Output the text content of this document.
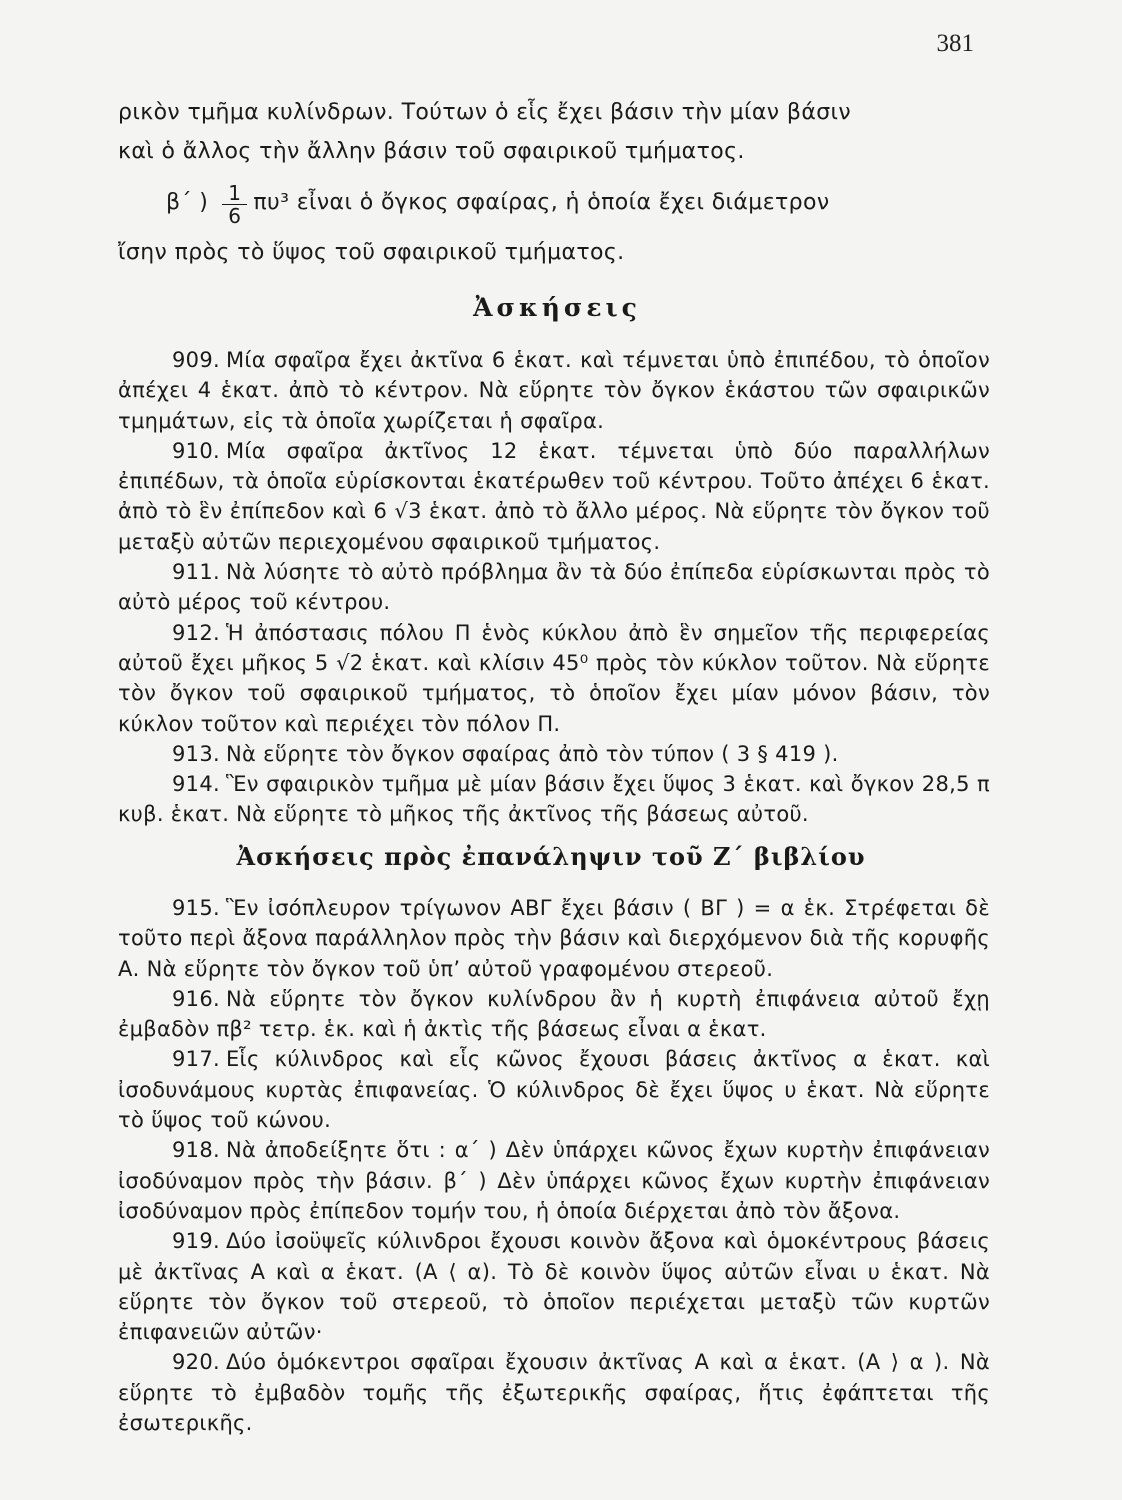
381
ρικὸν τμῆμα κυλίνδρων. Τούτων ὁ εἷς ἔχει βάσιν τὴν μίαν βάσιν
καὶ ὁ ἄλλος τὴν ἄλλην βάσιν τοῦ σφαιρικοῦ τμήματος.
β΄ ) $\frac{1}{6} \pi\upsilon^3$ εἶναι ὁ ὄγκος σφαίρας, ἡ ὁποία ἔχει διάμετρον
ἴσην πρὸς τὸ ὕψος τοῦ σφαιρικοῦ τμήματος.
Ἀσκήσεις

909. Μία σφαῖρα ἔχει ἀκτῖνα 6 ἑκατ. καὶ τέμνεται ὑπὸ ἐπιπέδου, τὸ ὁποῖον ἀπέχει 4 ἑκατ. ἀπὸ τὸ κέντρον. Νὰ εὕρητε τὸν ὄγκον ἑκάστου τῶν σφαιρικῶν τμημάτων, εἰς τὰ ὁποῖα χωρίζεται ἡ σφαῖρα.

910. Μία σφαῖρα ἀκτῖνος 12 ἑκατ. τέμνεται ὑπὸ δύο παραλλήλων ἐπιπέδων, τὰ ὁποῖα εὑρίσκονται ἑκατέρωθεν τοῦ κέντρου. Τοῦτο ἀπέχει 6 ἑκατ. ἀπὸ τὸ ἓν ἐπίπεδον καὶ 6 √3 ἑκατ. ἀπὸ τὸ ἄλλο μέρος. Νὰ εὕρητε τὸν ὄγκον τοῦ μεταξὺ αὐτῶν περιεχομένου σφαιρικοῦ τμήματος.

911. Νὰ λύσητε τὸ αὐτὸ πρόβλημα ἂν τὰ δύο ἐπίπεδα εὑρίσκωνται πρὸς τὸ αὐτὸ μέρος τοῦ κέντρου.

912. Ἡ ἀπόστασις πόλου Π ἑνὸς κύκλου ἀπὸ ἓν σημεῖον τῆς περιφερείας αὐτοῦ ἔχει μῆκος 5 √2 ἑκατ. καὶ κλίσιν 45⁰ πρὸς τὸν κύκλον τοῦτον. Νὰ εὕρητε τὸν ὄγκον τοῦ σφαιρικοῦ τμήματος, τὸ ὁποῖον ἔχει μίαν μόνον βάσιν, τὸν κύκλον τοῦτον καὶ περιέχει τὸν πόλον Π.

913. Νὰ εὕρητε τὸν ὄγκον σφαίρας ἀπὸ τὸν τύπον ( 3 § 419 ).

914. Ἓν σφαιρικὸν τμῆμα μὲ μίαν βάσιν ἔχει ὕψος 3 ἑκατ. καὶ ὄγκον 28,5 π κυβ. ἑκατ. Νὰ εὕρητε τὸ μῆκος τῆς ἀκτῖνος τῆς βάσεως αὐτοῦ.

Ἀσκήσεις πρὸς ἐπανάληψιν τοῦ Ζ΄ βιβλίου

915. Ἓν ἰσόπλευρον τρίγωνον ΑΒΓ ἔχει βάσιν ( ΒΓ ) = α ἑκ. Στρέφεται δὲ τοῦτο περὶ ἄξονα παράλληλον πρὸς τὴν βάσιν καὶ διερχόμενον διὰ τῆς κορυφῆς Α. Νὰ εὕρητε τὸν ὄγκον τοῦ ὑπ’ αὐτοῦ γραφομένου στερεοῦ.

916. Νὰ εὕρητε τὸν ὄγκον κυλίνδρου ἂν ἡ κυρτὴ ἐπιφάνεια αὐτοῦ ἔχῃ ἐμβαδὸν πβ² τετρ. ἑκ. καὶ ἡ ἀκτὶς τῆς βάσεως εἶναι α ἑκατ.

917. Εἷς κύλινδρος καὶ εἷς κῶνος ἔχουσι βάσεις ἀκτῖνος α ἑκατ. καὶ ἰσοδυνάμους κυρτὰς ἐπιφανείας. Ὁ κύλινδρος δὲ ἔχει ὕψος υ ἑκατ. Νὰ εὕρητε τὸ ὕψος τοῦ κώνου.

918. Νὰ ἀποδείξητε ὅτι : α΄ ) Δὲν ὑπάρχει κῶνος ἔχων κυρτὴν ἐπιφάνειαν ἰσοδύναμον πρὸς τὴν βάσιν. β΄ ) Δὲν ὑπάρχει κῶνος ἔχων κυρτὴν ἐπιφάνειαν ἰσοδύναμον πρὸς ἐπίπεδον τομήν του, ἡ ὁποία διέρχεται ἀπὸ τὸν ἄξονα.

919. Δύο ἰσοϋψεῖς κύλινδροι ἔχουσι κοινὸν ἄξονα καὶ ὁμοκέντρους βάσεις μὲ ἀκτῖνας Α καὶ α ἑκατ. (Α ⟨ α). Τὸ δὲ κοινὸν ὕψος αὐτῶν εἶναι υ ἑκατ. Νὰ εὕρητε τὸν ὄγκον τοῦ στερεοῦ, τὸ ὁποῖον περιέχεται μεταξὺ τῶν κυρτῶν ἐπιφανειῶν αὐτῶν·

920. Δύο ὁμόκεντροι σφαῖραι ἔχουσιν ἀκτῖνας Α καὶ α ἑκατ. (Α ⟩ α ). Νὰ εὕρητε τὸ ἐμβαδὸν τομῆς τῆς ἐξωτερικῆς σφαίρας, ἥτις ἐφάπτεται τῆς ἐσωτερικῆς.
